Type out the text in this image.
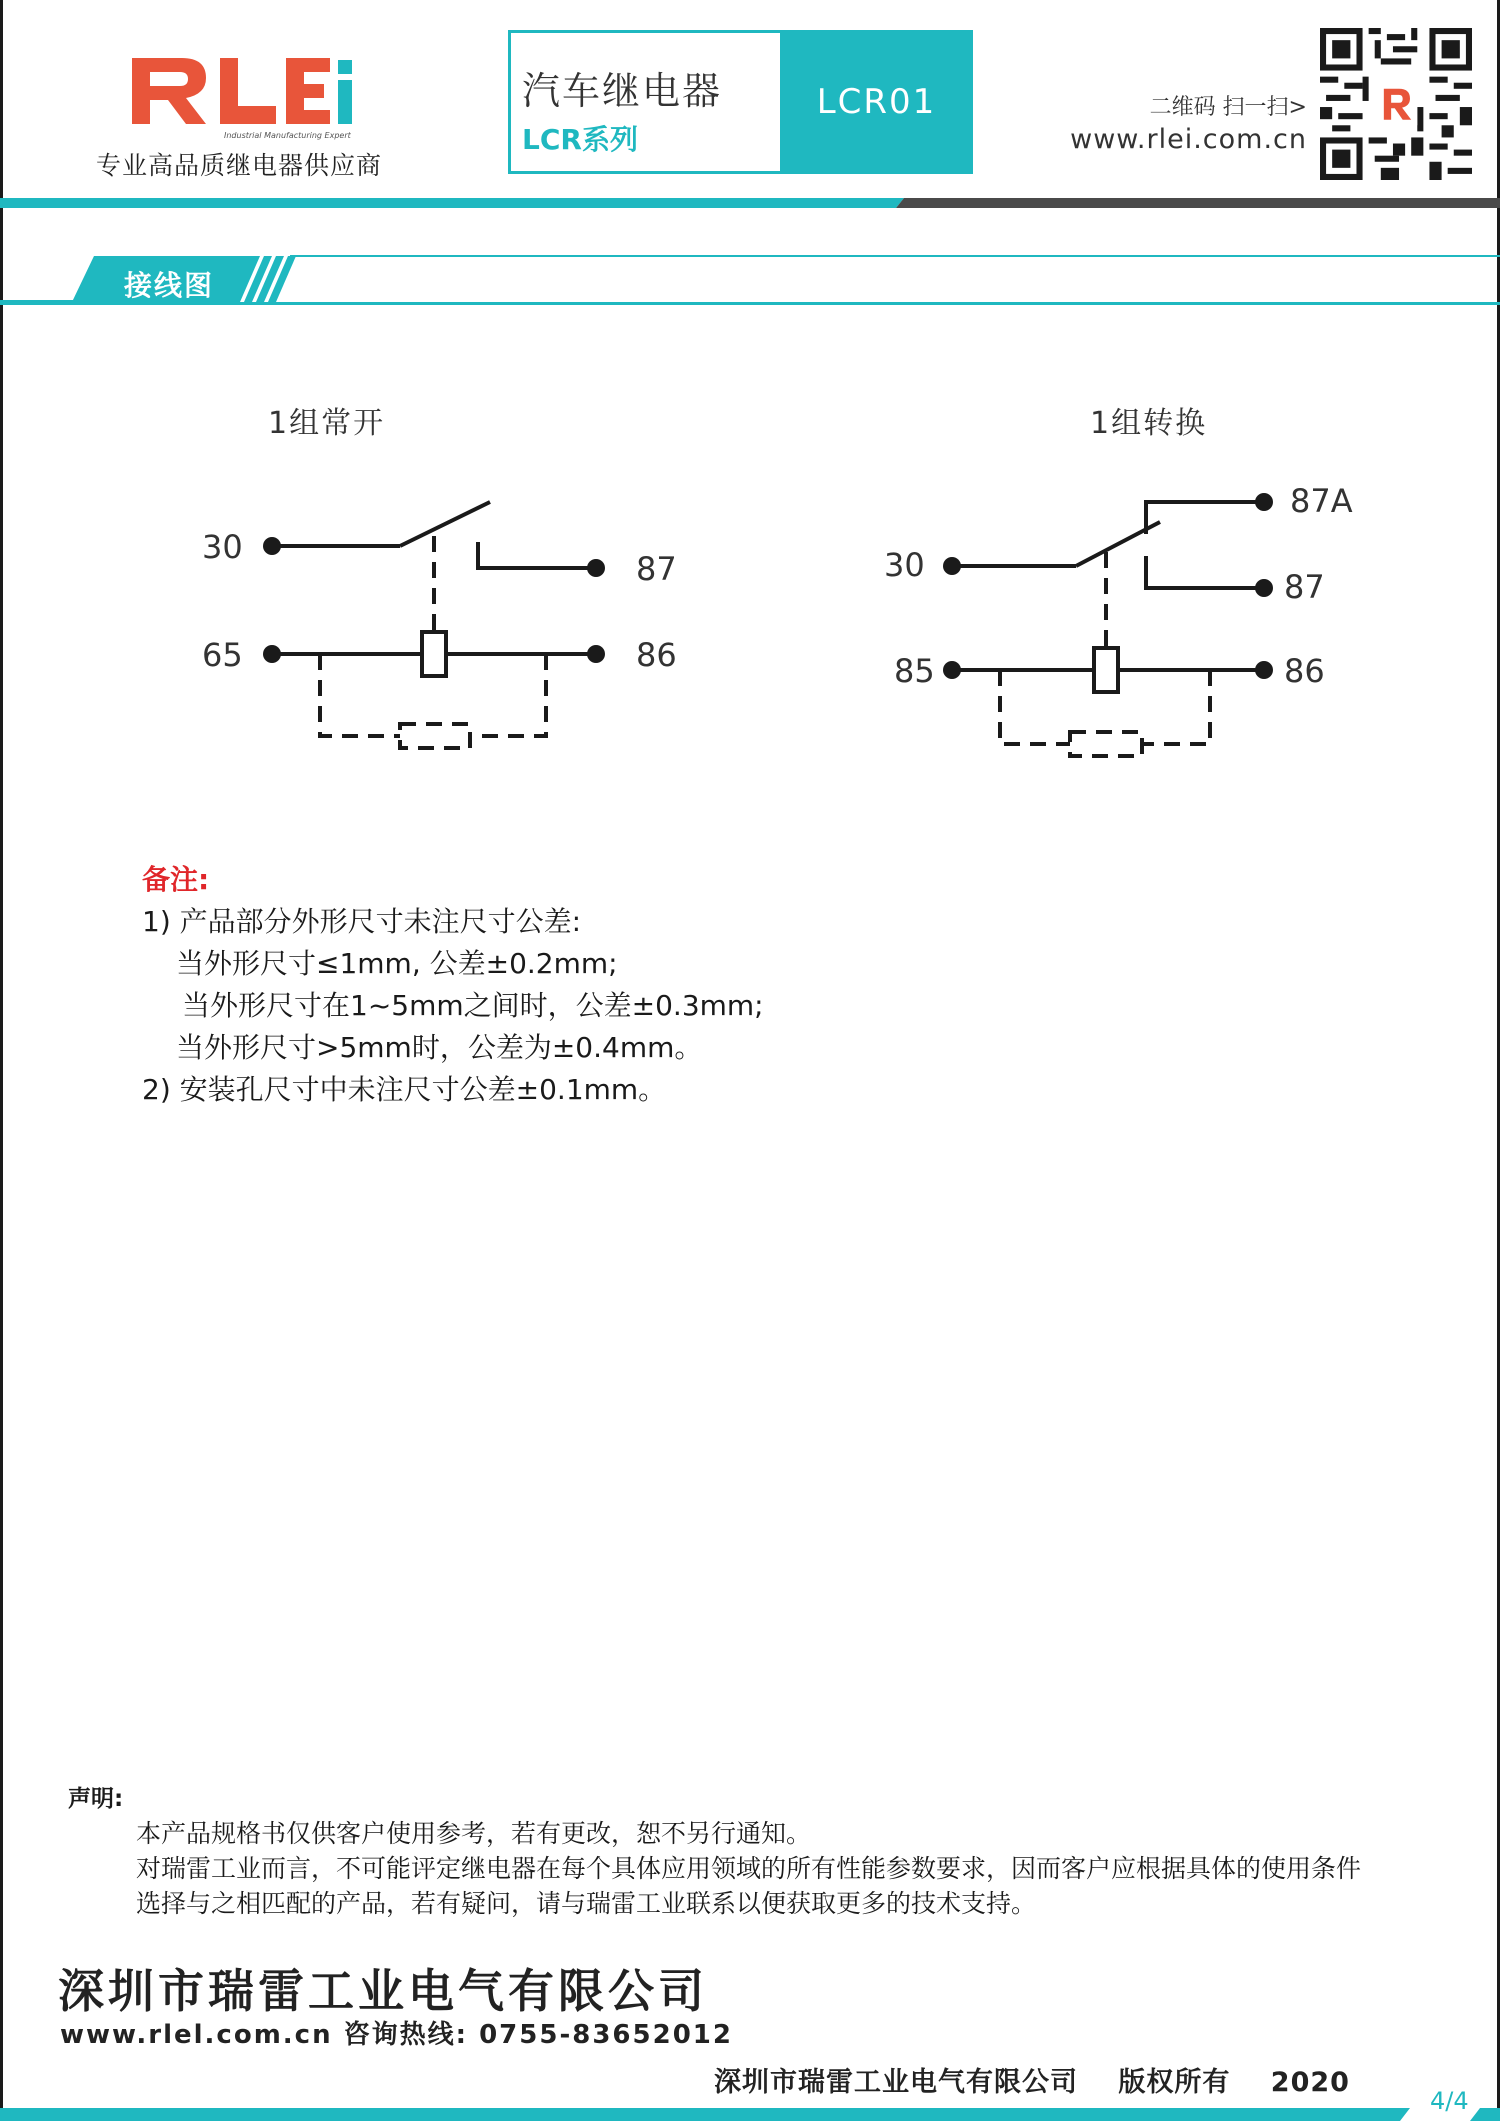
Industrial Manufacturing Expert
专业高品质继电器供应商
汽车继电器
LCR系列
LCR01	二维码 扫一扫>
www.rlei.com.cn
接线图
1组常开
30
87
65	86
1组转换
87A
30
87
85	86
备注:
1) 产品部分外形尺寸未注尺寸公差:
当外形尺寸≤1mm, 公差±0.2mm;
当外形尺寸在1~5mm之间时，公差±0.3mm;
当外形尺寸>5mm时，公差为±0.4mm。
2) 安装孔尺寸中未注尺寸公差±0.1mm。
声明:
本产品规格书仅供客户使用参考，若有更改，恕不另行通知。
对瑞雷工业而言，不可能评定继电器在每个具体应用领域的所有性能参数要求，因而客户应根据具体的使用条件
选择与之相匹配的产品，若有疑问，请与瑞雷工业联系以便获取更多的技术支持。
深圳市瑞雷工业电气有限公司
www.rlel.com.cn 咨询热线: 0755-83652012
深圳市瑞雷工业电气有限公司 版权所有 2020
4/4
